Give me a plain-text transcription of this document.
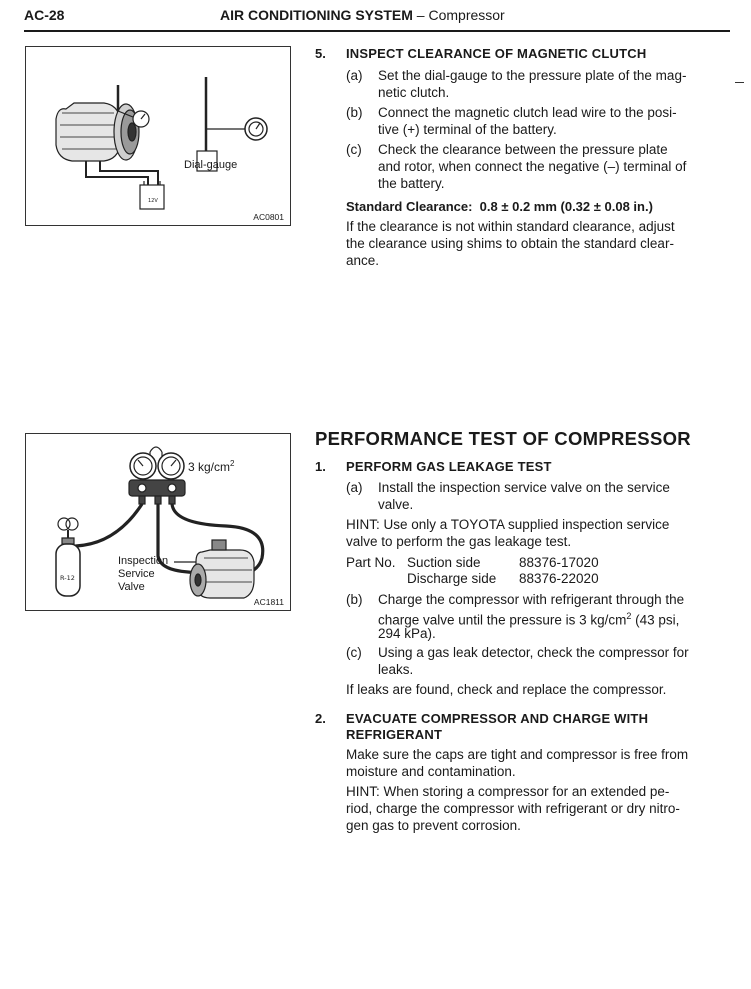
AC-28	AIR CONDITIONING SYSTEM – Compressor
12V
Dial-gauge
AC0801
5. INSPECT CLEARANCE OF MAGNETIC CLUTCH
(a) Set the dial-gauge to the pressure plate of the mag-
netic clutch.
(b) Connect the magnetic clutch lead wire to the posi-
tive (+) terminal of the battery.
(c) Check the clearance between the pressure plate
and rotor, when connect the negative (–) terminal of
the battery.
Standard Clearance: 0.8 ± 0.2 mm (0.32 ± 0.08 in.)
If the clearance is not within standard clearance, adjust
the clearance using shims to obtain the standard clear-
ance.
R-12
3 $kg/cm^2$
Inspection
Service
Valve
AC1811
PERFORMANCE TEST OF COMPRESSOR
1. PERFORM GAS LEAKAGE TEST
(a) Install the inspection service valve on the service
valve.
HINT: Use only a TOYOTA supplied inspection service
valve to perform the gas leakage test.
Part No. Suction side	88376-17020
Discharge side 88376-22020
(b) Charge the compressor with refrigerant through the
charge valve until the pressure is 3 $kg/cm^2$ (43 psi,
294 kPa).
(c) Using a gas leak detector, check the compressor for
leaks.
If leaks are found, check and replace the compressor.
2. EVACUATE COMPRESSOR AND CHARGE WITH
REFRIGERANT
Make sure the caps are tight and compressor is free from
moisture and contamination.
HINT: When storing a compressor for an extended pe-
riod, charge the compressor with refrigerant or dry nitro-
gen gas to prevent corrosion.
